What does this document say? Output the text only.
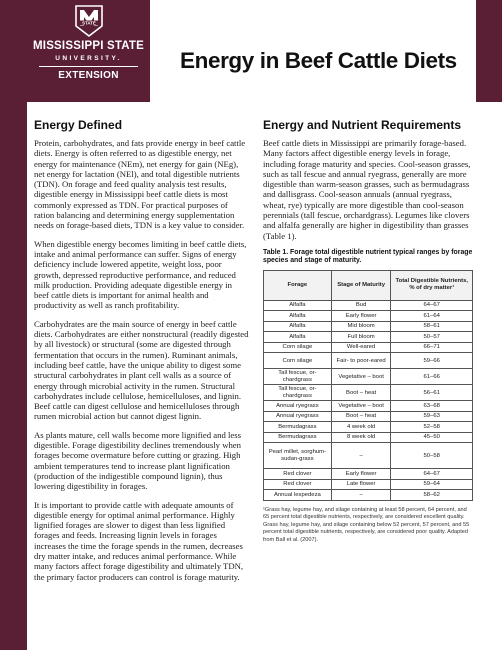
STATE
MISSISSIPPI STATE
UNIVERSITY.
EXTENSION
Energy in Beef Cattle Diets
Energy Defined

Protein, carbohydrates, and fats provide energy in beef cattle diets. Energy is often referred to as digestible energy, net energy for maintenance (NEm), net energy for gain (NEg), net energy for lactation (NEl), and total digestible nutrients (TDN). On forage and feed quality analysis test results, digestible energy in Mississippi beef cattle diets is most commonly expressed as TDN. For practical purposes of ration balancing and determining energy supplementation needs on forage-based diets, TDN is a key value to consider.

When digestible energy becomes limiting in beef cattle diets, intake and animal performance can suffer. Signs of energy deficiency include lowered appetite, weight loss, poor growth, depressed reproductive performance, and reduced milk production. Providing adequate digestible energy in beef cattle diets is important for animal health and productivity as well as ranch profitability.

Carbohydrates are the main source of energy in beef cattle diets. Carbohydrates are either nonstructural (readily digested by all livestock) or structural (some are digested through fermentation that occurs in the rumen). Ruminant animals, including beef cattle, have the unique ability to digest some structural carbohydrates in plant cell walls as a source of energy through microbial activity in the rumen. Structural carbohydrates include cellulose, hemicelluloses, and lignin. Beef cattle can digest cellulose and hemicelluloses through rumen microbial action but cannot digest lignin.

As plants mature, cell walls become more lignified and less digestible. Forage digestibility declines tremendously when forages become overmature before cutting or grazing. High ambient temperatures tend to increase plant lignification (production of the indigestible compound lignin), thus lowering digestibility in forages.

It is important to provide cattle with adequate amounts of digestible energy for optimal animal performance. Highly lignified forages are slower to digest than less lignified forages and feeds. Increasing lignin levels in forages increases the time the forage spends in the rumen, decreases dry matter intake, and reduces animal performance. While many factors affect forage digestibility and ultimately TDN, the primary factor producers can control is forage maturity.

Energy and Nutrient Requirements

Beef cattle diets in Mississippi are primarily forage-based. Many factors affect digestible energy levels in forage, including forage maturity and species. Cool-season grasses, such as tall fescue and annual ryegrass, generally are more digestible than warm-season grasses, such as bermudagrass and dallisgrass. Cool-season annuals (annual ryegrass, wheat, rye) typically are more digestible than cool-season perennials (tall fescue, orchardgrass). Legumes like clovers and alfalfa generally are higher in digestibility than grasses (Table 1).

Table 1. Forage total digestible nutrient typical ranges by forage species and stage of maturity.
Forage	Stage of Maturity	Total Digestible Nutrients, % of dry matter¹
Alfalfa	Bud	64–67
Alfalfa	Early flower	61–64
Alfalfa	Mid bloom	58–61
Alfalfa	Full bloom	50–57
Corn silage	Well-eared	66–71
Corn silage	Fair- to poor-eared	59–66
Tall fescue, or-chardgrass	Vegetative – boot	61–66
Tall fescue, or-chardgrass	Boot – heat	56–61
Annual ryegrass	Vegetative – boot	63–68
Annual ryegrass	Boot – heat	59–63
Bermudagrass	4 week old	52–58
Bermudagrass	8 week old	45–50
Pearl millet, sorghum-sudan-grass	–	50–58
Red clover	Early flower	64–67
Red clover	Late flower	59–64
Annual lespedeza	–	58–62
¹Grass hay, legume hay, and silage containing at least 58 percent, 64 percent, and 65 percent total digestible nutrients, respectively, are considered excellent quality. Grass hay, legume hay, and silage containing below 52 percent, 57 percent, and 55 percent total digestible nutrients, respectively, are considered poor quality. Adapted from Ball et al. (2007).
